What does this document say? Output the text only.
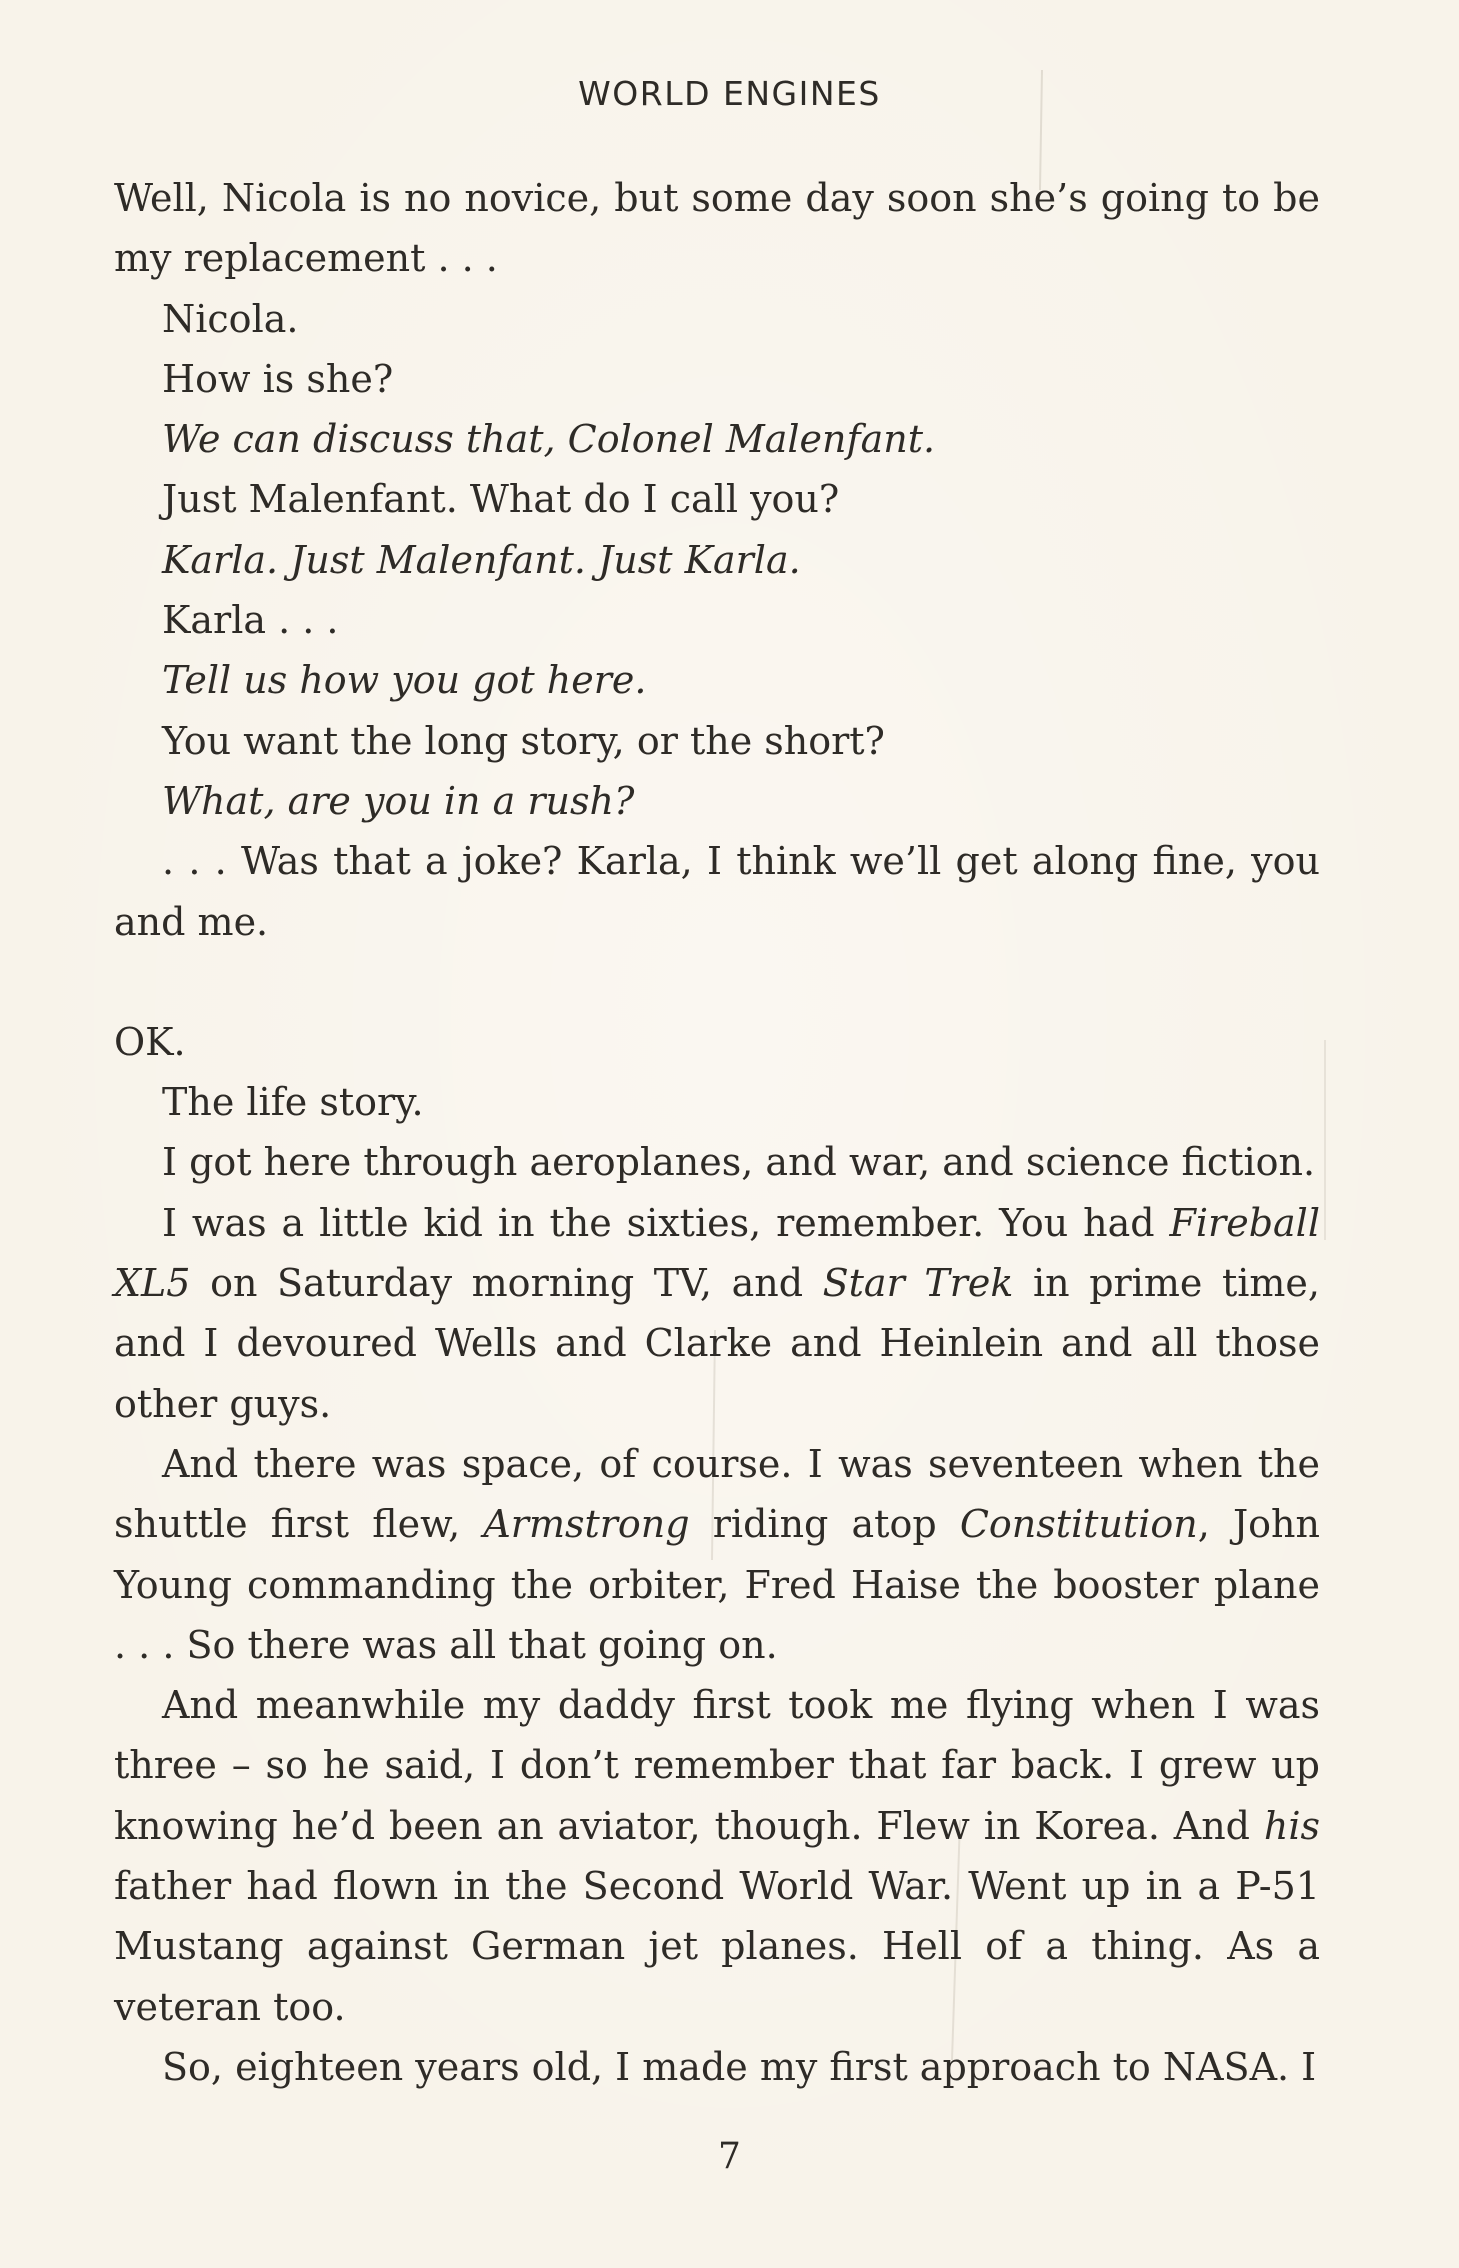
WORLD ENGINES

Well, Nicola is no novice, but some day soon she’s going to be my replacement . . .

Nicola.

How is she?

We can discuss that, Colonel Malenfant.

Just Malenfant. What do I call you?

Karla. Just Malenfant. Just Karla.

Karla . . .

Tell us how you got here.

You want the long story, or the short?

What, are you in a rush?

. . . Was that a joke? Karla, I think we’ll get along fine, you and me.

OK.

The life story.

I got here through aeroplanes, and war, and science fiction.

I was a little kid in the sixties, remember. You had Fireball XL5 on Saturday morning TV, and Star Trek in prime time, and I devoured Wells and Clarke and Heinlein and all those other guys.

And there was space, of course. I was seventeen when the shuttle first flew, Armstrong riding atop Constitution, John Young commanding the orbiter, Fred Haise the booster plane . . . So there was all that going on.

And meanwhile my daddy first took me flying when I was three – so he said, I don’t remember that far back. I grew up knowing he’d been an aviator, though. Flew in Korea. And his father had flown in the Second World War. Went up in a P-51 Mustang against German jet planes. Hell of a thing. As a veteran too.

So, eighteen years old, I made my first approach to NASA. I

7
